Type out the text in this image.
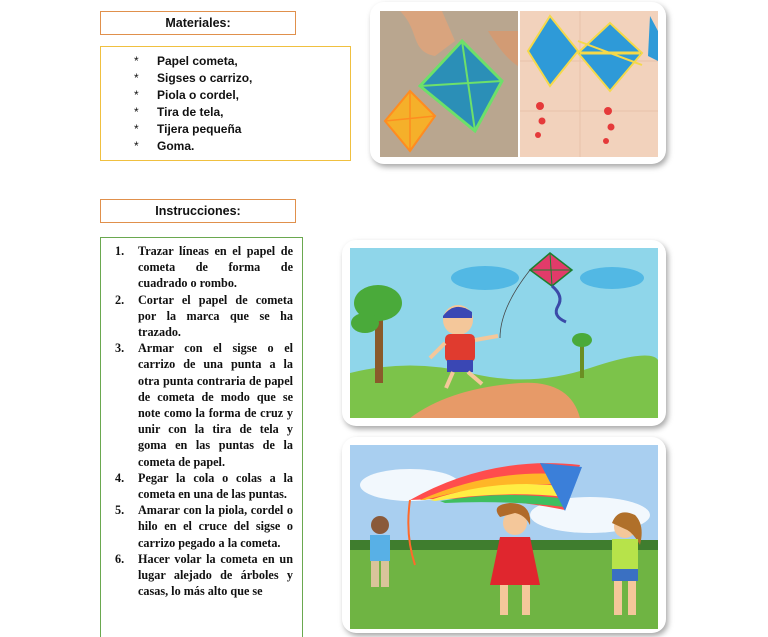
Materiales:
* Papel cometa,
* Sigses o carrizo,
* Piola o cordel,
* Tira de tela,
* Tijera pequeña
* Goma.
Instrucciones:
1. Trazar líneas en el papel de cometa de forma de cuadrado o rombo.
2. Cortar el papel de cometa por la marca que se ha trazado.
3. Armar con el sigse o el carrizo de una punta a la otra punta contraria de papel de cometa de modo que se note como la forma de cruz y unir con la tira de tela y goma en las puntas de la cometa de papel.
4. Pegar la cola o colas a la cometa en una de las puntas.
5. Amarar con la piola, cordel o hilo en el cruce del sigse o carrizo pegado a la cometa.
6. Hacer volar la cometa en un lugar alejado de árboles y casas, lo más alto que se
